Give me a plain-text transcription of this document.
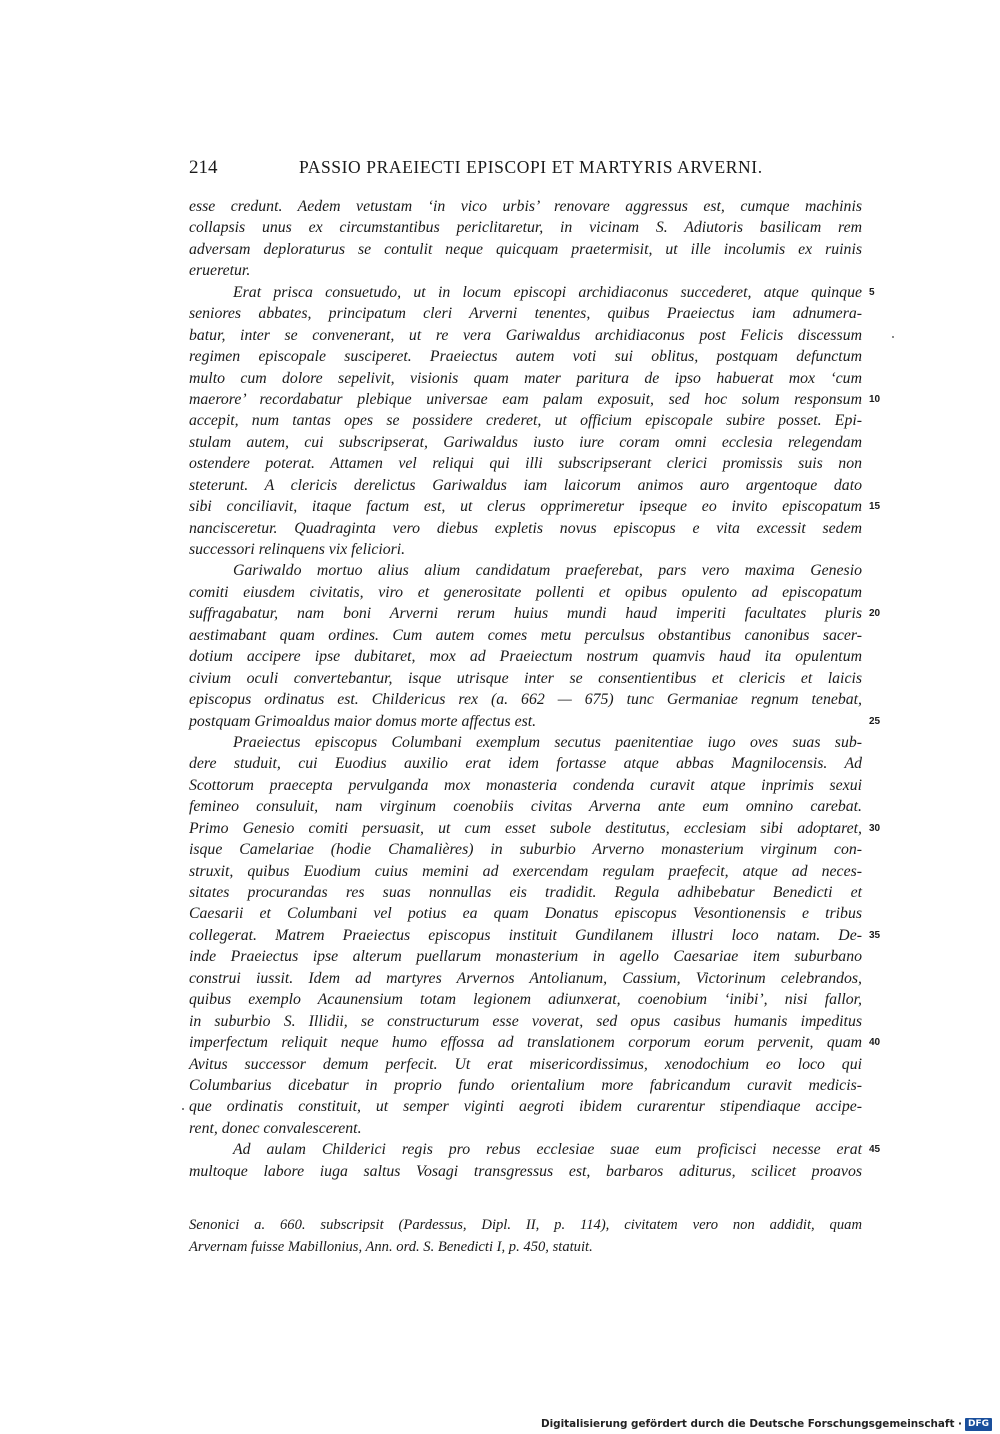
214	PASSIO PRAEIECTI EPISCOPI ET MARTYRIS ARVERNI.
esse credunt. Aedem vetustam ‘in vico urbis’ renovare aggressus est, cumque machinis
collapsis unus ex circumstantibus periclitaretur, in vicinam S. Adiutoris basilicam rem
adversam deploraturus se contulit neque quicquam praetermisit, ut ille incolumis ex ruinis
erueretur.
Erat prisca consuetudo, ut in locum episcopi archidiaconus succederet, atque quinque 5
seniores abbates, principatum cleri Arverni tenentes, quibus Praeiectus iam adnumera-
batur, inter se convenerant, ut re vera Gariwaldus archidiaconus post Felicis discessum
regimen episcopale susciperet. Praeiectus autem voti sui oblitus, postquam defunctum
multo cum dolore sepelivit, visionis quam mater paritura de ipso habuerat mox ‘cum
maerore’ recordabatur plebique universae eam palam exposuit, sed hoc solum responsum 10
accepit, num tantas opes se possidere crederet, ut officium episcopale subire posset. Epi-
stulam autem, cui subscripserat, Gariwaldus iusto iure coram omni ecclesia relegendam
ostendere poterat. Attamen vel reliqui qui illi subscripserant clerici promissis suis non
steterunt. A clericis derelictus Gariwaldus iam laicorum animos auro argentoque dato
sibi conciliavit, itaque factum est, ut clerus opprimeretur ipseque eo invito episcopatum 15
nancisceretur. Quadraginta vero diebus expletis novus episcopus e vita excessit sedem
successori relinquens vix feliciori.
Gariwaldo mortuo alius alium candidatum praeferebat, pars vero maxima Genesio
comiti eiusdem civitatis, viro et generositate pollenti et opibus opulento ad episcopatum
suffragabatur, nam boni Arverni rerum huius mundi haud imperiti facultates pluris 20
aestimabant quam ordines. Cum autem comes metu perculsus obstantibus canonibus sacer-
dotium accipere ipse dubitaret, mox ad Praeiectum nostrum quamvis haud ita opulentum
civium oculi convertebantur, isque utrisque inter se consentientibus et clericis et laicis
episcopus ordinatus est. Childericus rex (a. 662 — 675) tunc Germaniae regnum tenebat,
postquam Grimoaldus maior domus morte affectus est.	25
Praeiectus episcopus Columbani exemplum secutus paenitentiae iugo oves suas sub-
dere studuit, cui Euodius auxilio erat idem fortasse atque abbas Magnilocensis. Ad
Scottorum praecepta pervulganda mox monasteria condenda curavit atque inprimis sexui
femineo consuluit, nam virginum coenobiis civitas Arverna ante eum omnino carebat.
Primo Genesio comiti persuasit, ut cum esset subole destitutus, ecclesiam sibi adoptaret, 30
isque Camelariae (hodie Chamalières) in suburbio Arverno monasterium virginum con-
struxit, quibus Euodium cuius memini ad exercendam regulam praefecit, atque ad neces-
sitates procurandas res suas nonnullas eis tradidit. Regula adhibebatur Benedicti et
Caesarii et Columbani vel potius ea quam Donatus episcopus Vesontionensis e tribus
collegerat. Matrem Praeiectus episcopus instituit Gundilanem illustri loco natam. De- 35
inde Praeiectus ipse alterum puellarum monasterium in agello Caesariae item suburbano
construi iussit. Idem ad martyres Arvernos Antolianum, Cassium, Victorinum celebrandos,
quibus exemplo Acaunensium totam legionem adiunxerat, coenobium ‘inibi’, nisi fallor,
in suburbio S. Illidii, se constructurum esse voverat, sed opus casibus humanis impeditus
imperfectum reliquit neque humo effossa ad translationem corporum eorum pervenit, quam 40
Avitus successor demum perfecit. Ut erat misericordissimus, xenodochium eo loco qui
Columbarius dicebatur in proprio fundo orientalium more fabricandum curavit medicis-
que ordinatis constituit, ut semper viginti aegroti ibidem curarentur stipendiaque accipe-
rent, donec convalescerent.
Ad aulam Childerici regis pro rebus ecclesiae suae eum proficisci necesse erat 45
multoque labore iuga saltus Vosagi transgressus est, barbaros aditurus, scilicet proavos
Senonici a. 660. subscripsit (Pardessus, Dipl. II, p. 114), civitatem vero non addidit, quam
Arvernam fuisse Mabillonius, Ann. ord. S. Benedicti I, p. 450, statuit.
Digitalisierung gefördert durch die Deutsche Forschungsgemeinschaft · DFG
